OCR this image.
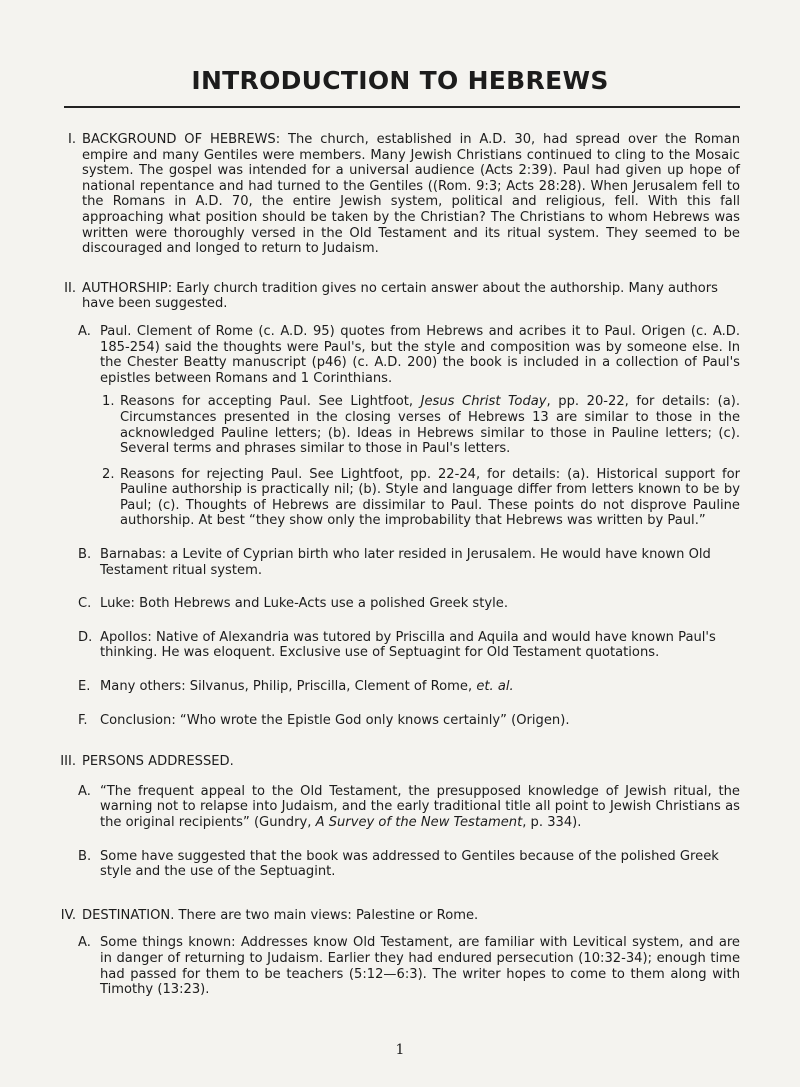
INTRODUCTION TO HEBREWS
I. BACKGROUND OF HEBREWS: The church, established in A.D. 30, had spread over the Roman empire and many Gentiles were members. Many Jewish Christians continued to cling to the Mosaic system. The gospel was intended for a universal audience (Acts 2:39). Paul had given up hope of national repentance and had turned to the Gentiles ((Rom. 9:3; Acts 28:28). When Jerusalem fell to the Romans in A.D. 70, the entire Jewish system, political and religious, fell. With this fall approaching what position should be taken by the Christian? The Christians to whom Hebrews was written were thoroughly versed in the Old Testament and its ritual system. They seemed to be discouraged and longed to return to Judaism.
II. AUTHORSHIP: Early church tradition gives no certain answer about the authorship. Many authors have been suggested.
A. Paul. Clement of Rome (c. A.D. 95) quotes from Hebrews and acribes it to Paul. Origen (c. A.D. 185-254) said the thoughts were Paul's, but the style and composition was by someone else. In the Chester Beatty manuscript (p46) (c. A.D. 200) the book is included in a collection of Paul's epistles between Romans and 1 Corinthians.
1. Reasons for accepting Paul. See Lightfoot, Jesus Christ Today, pp. 20-22, for details: (a). Circumstances presented in the closing verses of Hebrews 13 are similar to those in the acknowledged Pauline letters; (b). Ideas in Hebrews similar to those in Pauline letters; (c). Several terms and phrases similar to those in Paul's letters.
2. Reasons for rejecting Paul. See Lightfoot, pp. 22-24, for details: (a). Historical support for Pauline authorship is practically nil; (b). Style and language differ from letters known to be by Paul; (c). Thoughts of Hebrews are dissimilar to Paul. These points do not disprove Pauline authorship. At best “they show only the improbability that Hebrews was written by Paul.”
B. Barnabas: a Levite of Cyprian birth who later resided in Jerusalem. He would have known Old Testament ritual system.
C. Luke: Both Hebrews and Luke-Acts use a polished Greek style.
D. Apollos: Native of Alexandria was tutored by Priscilla and Aquila and would have known Paul's thinking. He was eloquent. Exclusive use of Septuagint for Old Testament quotations.
E. Many others: Silvanus, Philip, Priscilla, Clement of Rome, et. al.
F. Conclusion: “Who wrote the Epistle God only knows certainly” (Origen).
III. PERSONS ADDRESSED.
A. “The frequent appeal to the Old Testament, the presupposed knowledge of Jewish ritual, the warning not to relapse into Judaism, and the early traditional title all point to Jewish Christians as the original recipients” (Gundry, A Survey of the New Testament, p. 334).
B. Some have suggested that the book was addressed to Gentiles because of the polished Greek style and the use of the Septuagint.
IV. DESTINATION. There are two main views: Palestine or Rome.
A. Some things known: Addresses know Old Testament, are familiar with Levitical system, and are in danger of returning to Judaism. Earlier they had endured persecution (10:32-34); enough time had passed for them to be teachers (5:12—6:3). The writer hopes to come to them along with Timothy (13:23).
1
